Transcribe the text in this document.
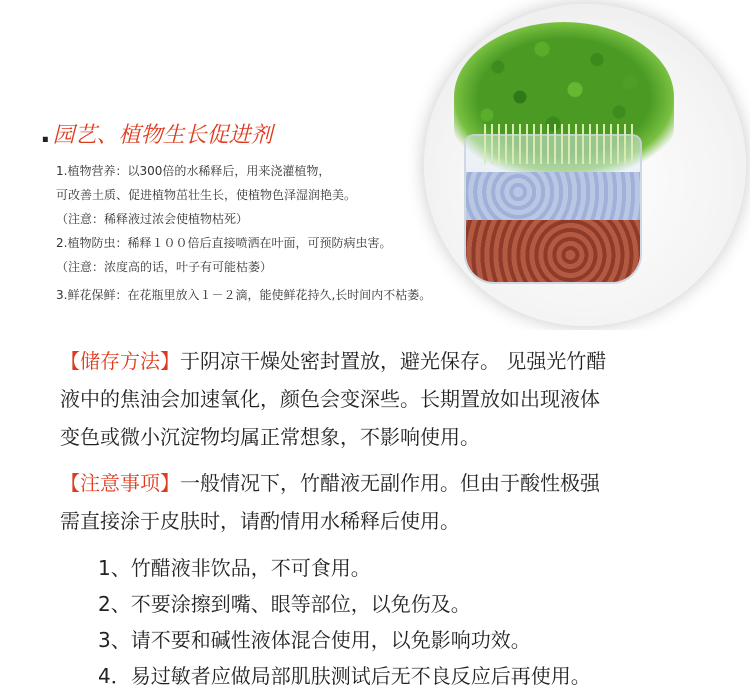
. 园艺、植物生长促进剂
1.植物营养：以300倍的水稀释后，用来浇灌植物，
可改善土质、促进植物茁壮生长，使植物色泽湿润艳美。
（注意：稀释液过浓会使植物枯死）
2.植物防虫：稀释１００倍后直接喷洒在叶面，可预防病虫害。
（注意：浓度高的话，叶子有可能枯萎）
3.鲜花保鲜：在花瓶里放入１－２滴，能使鲜花持久,长时间内不枯萎。
【储存方法】于阴凉干燥处密封置放，避光保存。 见强光竹醋
液中的焦油会加速氧化，颜色会变深些。长期置放如出现液体
变色或微小沉淀物均属正常想象，不影响使用。
【注意事项】一般情况下，竹醋液无副作用。但由于酸性极强
需直接涂于皮肤时，请酌情用水稀释后使用。
1、竹醋液非饮品，不可食用。
2、不要涂擦到嘴、眼等部位，以免伤及。
3、请不要和碱性液体混合使用，以免影响功效。
4．易过敏者应做局部肌肤测试后无不良反应后再使用。
